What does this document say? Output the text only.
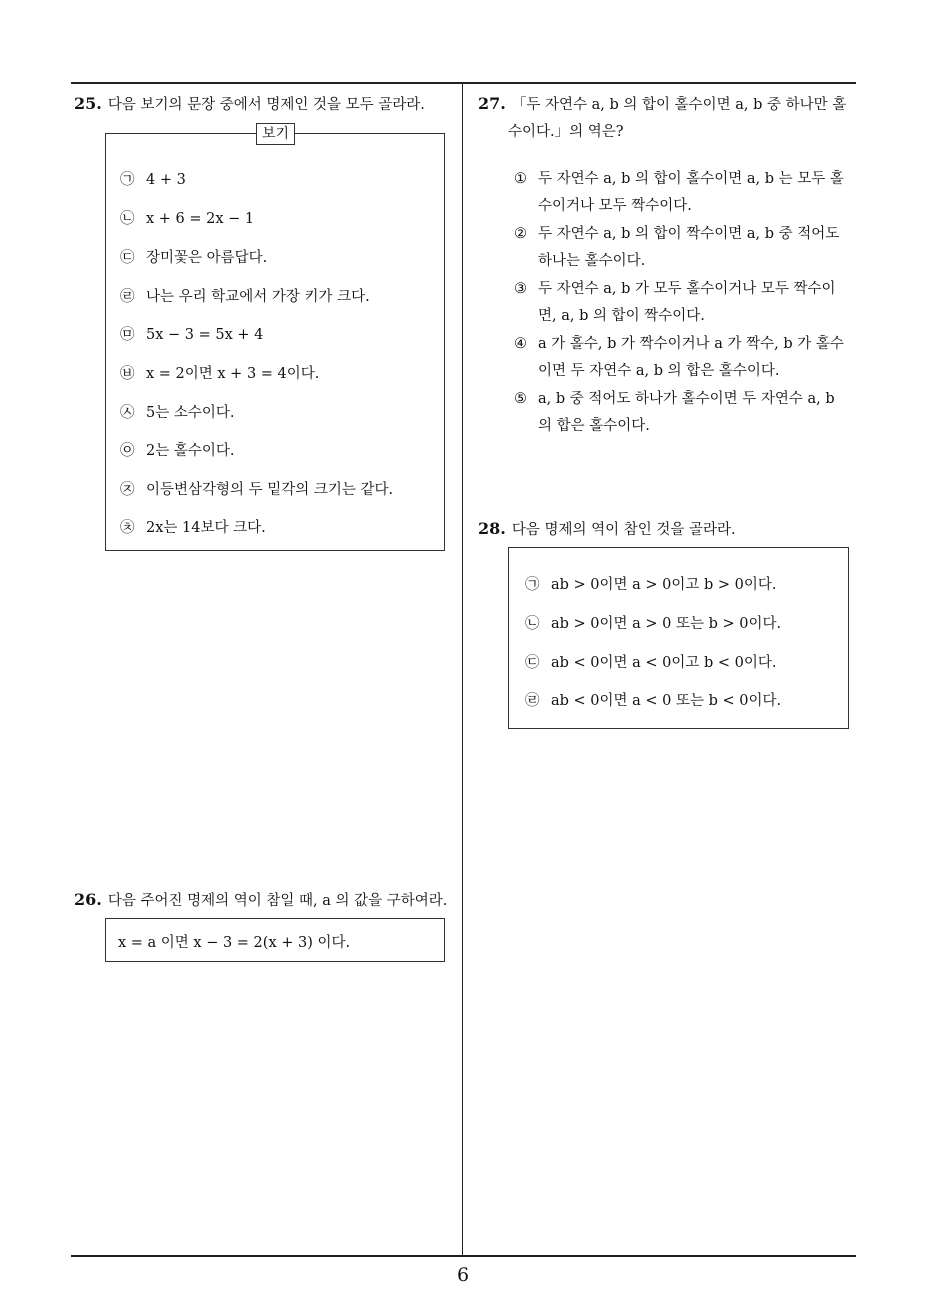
25. 다음 보기의 문장 중에서 명제인 것을 모두 골라라.
보기
㉠ 4 + 3
㉡ x + 6 = 2x − 1
㉢ 장미꽃은 아름답다.
㉣ 나는 우리 학교에서 가장 키가 크다.
㉤ 5x − 3 = 5x + 4
㉥ x = 2이면 x + 3 = 4이다.
㉦ 5는 소수이다.
㉧ 2는 홀수이다.
㉨ 이등변삼각형의 두 밑각의 크기는 같다.
㉩ 2x는 14보다 크다.
26. 다음 주어진 명제의 역이 참일 때, a 의 값을 구하여라.
x = a 이면 x − 3 = 2(x + 3) 이다.
27. 「두 자연수 a, b 의 합이 홀수이면 a, b 중 하나만 홀
수이다.」의 역은?
① 두 자연수 a, b 의 합이 홀수이면 a, b 는 모두 홀수이거나 모두 짝수이다.
② 두 자연수 a, b 의 합이 짝수이면 a, b 중 적어도 하나는 홀수이다.
③ 두 자연수 a, b 가 모두 홀수이거나 모두 짝수이면, a, b 의 합이 짝수이다.
④ a 가 홀수, b 가 짝수이거나 a 가 짝수, b 가 홀수이면 두 자연수 a, b 의 합은 홀수이다.
⑤ a, b 중 적어도 하나가 홀수이면 두 자연수 a, b 의 합은 홀수이다.
28. 다음 명제의 역이 참인 것을 골라라.
㉠ ab > 0이면 a > 0이고 b > 0이다.
㉡ ab > 0이면 a > 0 또는 b > 0이다.
㉢ ab < 0이면 a < 0이고 b < 0이다.
㉣ ab < 0이면 a < 0 또는 b < 0이다.
6
